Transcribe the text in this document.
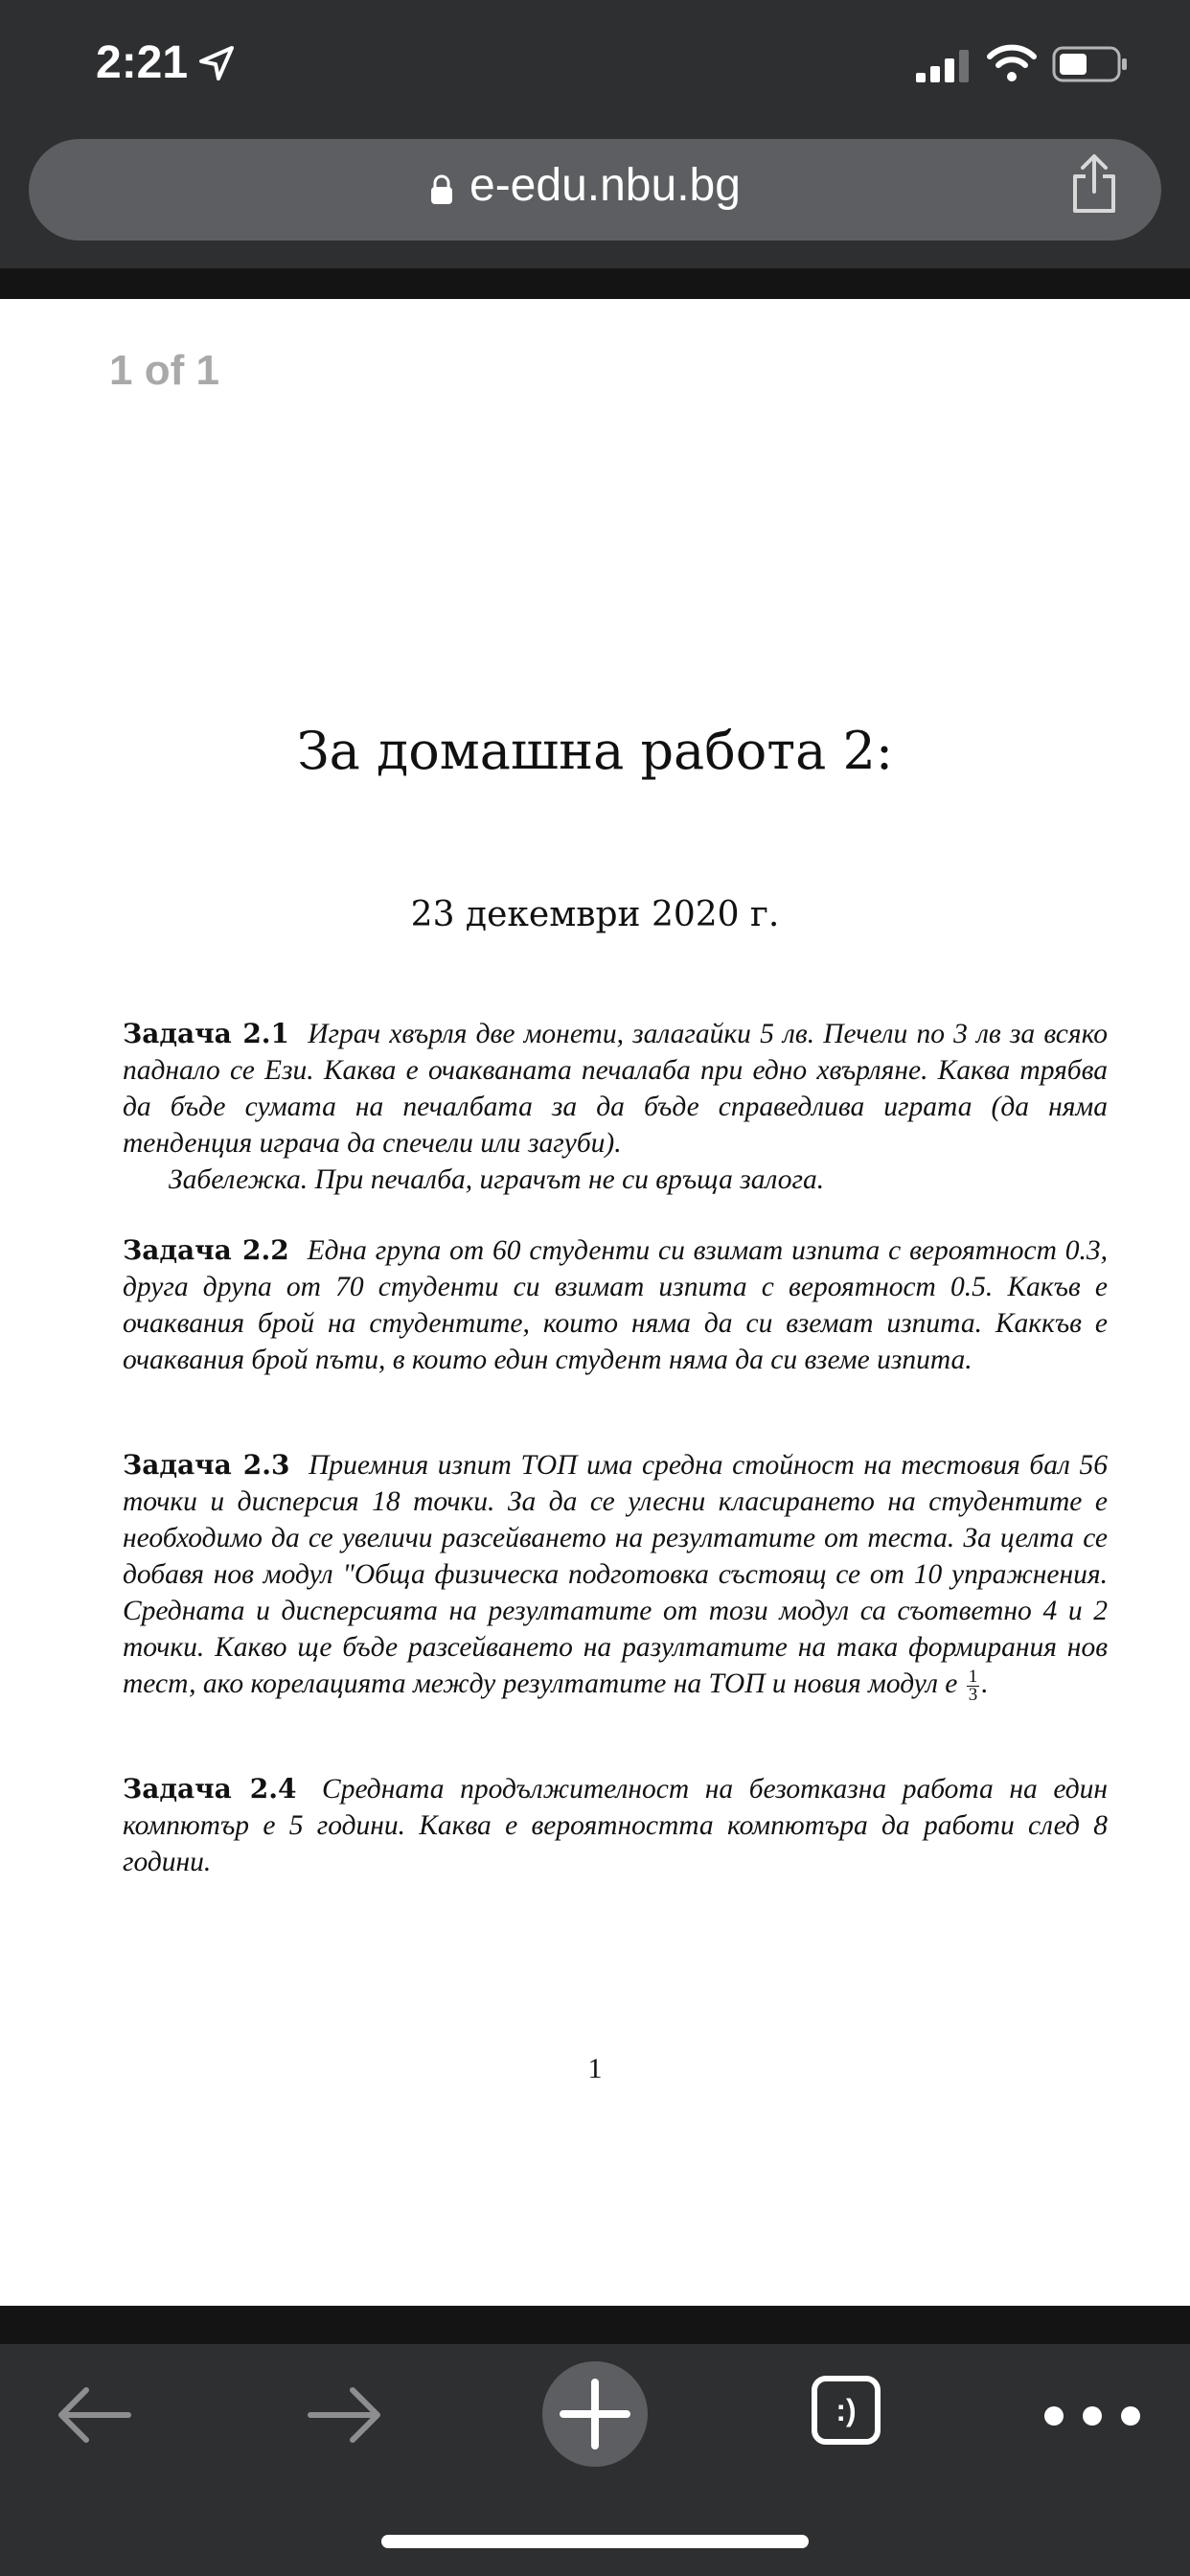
2:21
e-edu.nbu.bg
1 of 1
За домашна работа 2:
23 декември 2020 г.
Задача 2.1 Играч хвърля две монети, залагайки 5 лв. Печели по 3 лв за всяко паднало се Ези. Каква е очакваната печалаба при едно хвърляне. Каква трябва да бъде сумата на печалбата за да бъде справедлива играта (да няма тенденция играча да спечели или загуби).
Забележка. При печалба, играчът не си връща залога.
Задача 2.2 Една група от 60 студенти си взимат изпита с вероятност 0.3, друга друпа от 70 студенти си взимат изпита с вероятност 0.5. Какъв е очаквания брой на студентите, които няма да си вземат изпита. Каккъв е очаквания брой пъти, в които един студент няма да си вземе изпита.
Задача 2.3 Приемния изпит ТОП има средна стойност на тестовия бал 56 точки и дисперсия 18 точки. За да се улесни класирането на студентите е необходимо да се увеличи разсейването на резултатите от теста. За целта се добавя нов модул "Обща физическа подготовка състоящ се от 10 упражнения. Средната и дисперсията на резултатите от този модул са съответно 4 и 2 точки. Какво ще бъде разсейването на разултатите на така формирания нов тест, ако корелацията между резултатите на ТОП и новия модул е $\frac{1}{3}$ .
Задача 2.4 Средната продължителност на безотказна работа на един компютър е 5 години. Каква е вероятността компютъра да работи след 8 години.
1
:)
